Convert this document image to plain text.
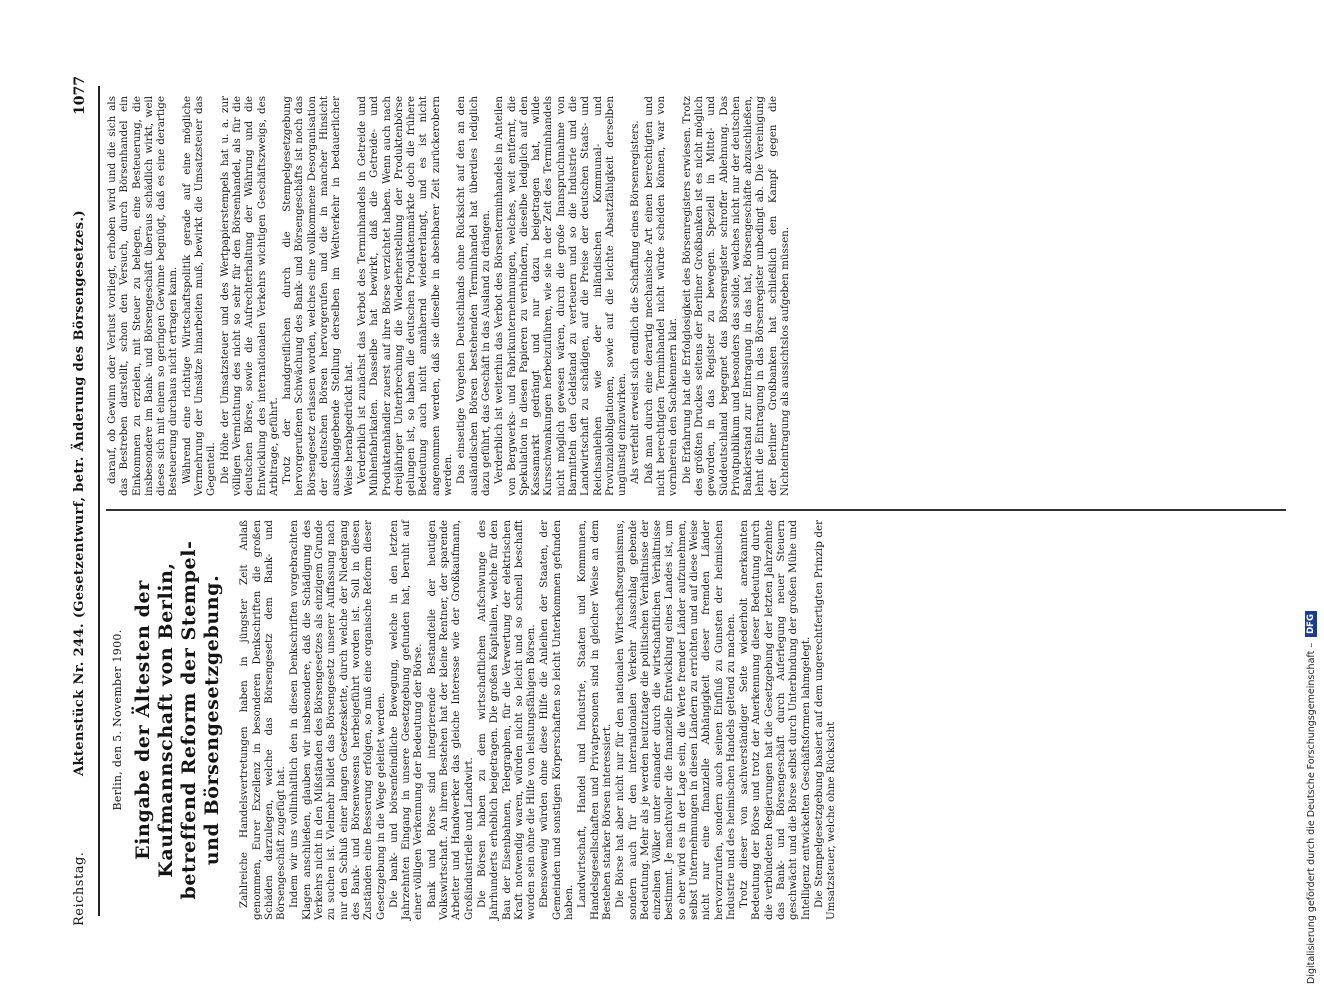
Reichstag.
Aktenstück Nr. 244. (Gesetzentwurf, betr. Änderung des Börsengesetzes.)
1077
Berlin, den 5. November 1900. Eingabe der Ältesten der Kaufmannschaft von Berlin, betreffend Reform der Stempel- und Börsengesetzgebung. Zahlreiche Handelsvertretungen haben in jüngster Zeit Anlaß genommen, Eurer Exzellenz in besonderen Denkschriften die großen Schäden darzulegen, welche das Börsengesetz dem Bank- und Börsengeschäft zugefügt hat. Indem wir uns vollinhaltlich den in diesen Denkschriften vorgebrachten Klagen anschließen, glauben wir insbesondere, daß die Schädigung des Verkehrs nicht in den Mißständen des Börsengesetzes als einzigem Grunde zu suchen ist. Vielmehr bildet das Börsengesetz unserer Auffassung nach nur den Schluß einer langen Gesetzeskette, durch welche der Niedergang des Bank- und Börsenwesens herbeigeführt worden ist. Soll in diesen Zuständen eine Besserung erfolgen, so muß eine organische Reform dieser Gesetzgebung in die Wege geleitet werden. Die bank- und börsenfeindliche Bewegung, welche in den letzten Jahrzehnten Eingang in unsere Gesetzgebung gefunden hat, beruht auf einer völligen Verkennung der Bedeutung der Börse. Bank und Börse sind integrierende Bestandteile der heutigen Volkswirtschaft. An ihrem Bestehen hat der kleine Rentner, der sparende Arbeiter und Handwerker das gleiche Interesse wie der Großkaufmann, Großindustrielle und Landwirt. Die Börsen haben zu dem wirtschaftlichen Aufschwunge des Jahrhunderts erheblich beigetragen. Die großen Kapitalien, welche für den Bau der Eisenbahnen, Telegraphen, für die Verwertung der elektrischen Kraft notwendig waren, würden nicht so leicht und so schnell beschafft worden sein ohne die Hilfe von leistungsfähigen Börsen. Ebensowenig würden ohne diese Hilfe die Anleihen der Staaten, der Gemeinden und sonstigen Körperschaften so leicht Unterkommen gefunden haben. Landwirtschaft, Handel und Industrie, Staaten und Kommunen, Handelsgesellschaften und Privatpersonen sind in gleicher Weise an dem Bestehen starker Börsen interessiert. Die Börse hat aber nicht nur für den nationalen Wirtschaftsorganismus, sondern auch für den internationalen Verkehr Ausschlag gebende Bedeutung. Mehr als je werden heutzutage die politischen Verhältnisse der einzelnen Völker unter einander durch die wirtschaftlichen Verhältnisse bestimmt. Je machtvoller die finanzielle Entwicklung eines Landes ist, um so eher wird es in der Lage sein, die Werte fremder Länder aufzunehmen, selbst Unternehmungen in diesen Ländern zu errichten und auf diese Weise nicht nur eine finanzielle Abhängigkeit dieser fremden Länder hervorzurufen, sondern auch seinen Einfluß zu Gunsten der heimischen Industrie und des heimischen Handels geltend zu machen. Trotz dieser von sachverständiger Seite wiederholt anerkannten Bedeutung der Börse und trotz der Anerkennung dieser Bedeutung durch die verbündeten Regierungen hat die Gesetzgebung der letzten Jahrzehnte das Bank- und Börsengeschäft durch Auferlegung neuer Steuern geschwächt und die Börse selbst durch Unterbindung der großen Mühe und Intelligenz entwickelten Geschäftsformen lahmgelegt. Die Stempelgesetzgebung basiert auf dem ungerechtfertigten Prinzip der Umsatzsteuer, welche ohne Rücksicht

darauf, ob Gewinn oder Verlust vorliegt, erhoben wird und die sich als das Bestreben darstellt, schon den Versuch, durch Börsenhandel ein Einkommen zu erzielen, mit Steuer zu belegen, eine Besteuerung, die insbesondere im Bank- und Börsengeschäft überaus schädlich wirkt, weil dieses sich mit einem so geringen Gewinne begnügt, daß es eine derartige Besteuerung durchaus nicht ertragen kann. Während eine richtige Wirtschaftspolitik gerade auf eine mögliche Vermehrung der Umsätze hinarbeiten muß, bewirkt die Umsatzsteuer das Gegenteil. Die Höhe der Umsatzsteuer und des Wertpapierstempels hat u. a. zur völligen Vernichtung des nicht so sehr für den Börsenhandel, als für die deutschen Börse, sowie die Aufrechterhaltung der Währung und die Entwicklung des internationalen Verkehrs wichtigen Geschäftszweigs, des Arbitrage, geführt. Trotz der handgreiflichen durch die Stempelgesetzgebung hervorgerufenen Schwächung des Bank- und Börsengeschäfts ist noch das Börsengesetz erlassen worden, welches eine vollkommene Desorganisation der deutschen Börsen hervorgerufen und die in mancher Hinsicht ausschlaggebende Stellung derselben im Weltverkehr in bedauerlicher Weise herabgedrückt hat. Verderblich ist zunächst das Verbot des Terminhandels in Getreide und Mühlenfabrikaten. Dasselbe hat bewirkt, daß die Getreide- und Produktenhändler zuerst auf ihre Börse verzichtet haben. Wenn auch nach dreijähriger Unterbrechung die Wiederherstellung der Produktenbörse gelungen ist, so haben die deutschen Produktenmärkte doch die frühere Bedeutung auch nicht annähernd wiedererlangt, und es ist nicht angenommen werden, daß sie dieselbe in absehbarer Zeit zurückerobern werden. Das einseitige Vorgehen Deutschlands ohne Rücksicht auf den an den ausländischen Börsen bestehenden Terminhandel hat überdies lediglich dazu geführt, das Geschäft in das Ausland zu drängen. Verderblich ist weiterhin das Verbot des Börsenterminhandels in Anteilen von Bergwerks- und Fabrikunternehmungen, welches, weit entfernt, die Spekulation in diesen Papieren zu verhindern, dieselbe lediglich auf den Kassamarkt gedrängt und nur dazu beigetragen hat, wilde Kursschwankungen herbeizuführen, wie sie in der Zeit des Terminhandels nicht möglich gewesen wären, durch die große Inanspruchnahme von Barmitteln den Geldstand zu verteuern und so die Industrie und die Landwirtschaft zu schädigen, auf die Preise der deutschen Staats- und Reichsanleihen wie der inländischen Kommunal- und Provinzialobligationen, sowie auf die leichte Absatzfähigkeit derselben ungünstig einzuwirken. Als verfehlt erweist sich endlich die Schaffung eines Börsenregisters. Daß man durch eine derartig mechanische Art einen berechtigten und nicht berechtigten Terminhandel nicht würde scheiden können, war von vornherein den Sachkennern klar. Die Erfahrung hat die Erfolglosigkeit des Börsenregisters erwiesen. Trotz des größten Druckes seitens der Berliner Großbanken ist es nicht möglich geworden, in das Register zu bewegen. Speziell in Mittel- und Süddeutschland begegnet das Börsenregister schroffer Ablehnung. Das Privatpublikum und besonders das solide, welches nicht nur der deutschen Bankierstand zur Eintragung in das hat, Börsengeschäfte abzuschließen, lehnt die Eintragung in das Börsenregister unbedingt ab. Die Vereinigung der Berliner Großbanken hat schließlich den Kampf gegen die Nichteintragung als aussichtslos aufgeben müssen.

Digitalisierung gefördert durch die Deutsche Forschungsgemeinschaft –
DFG
